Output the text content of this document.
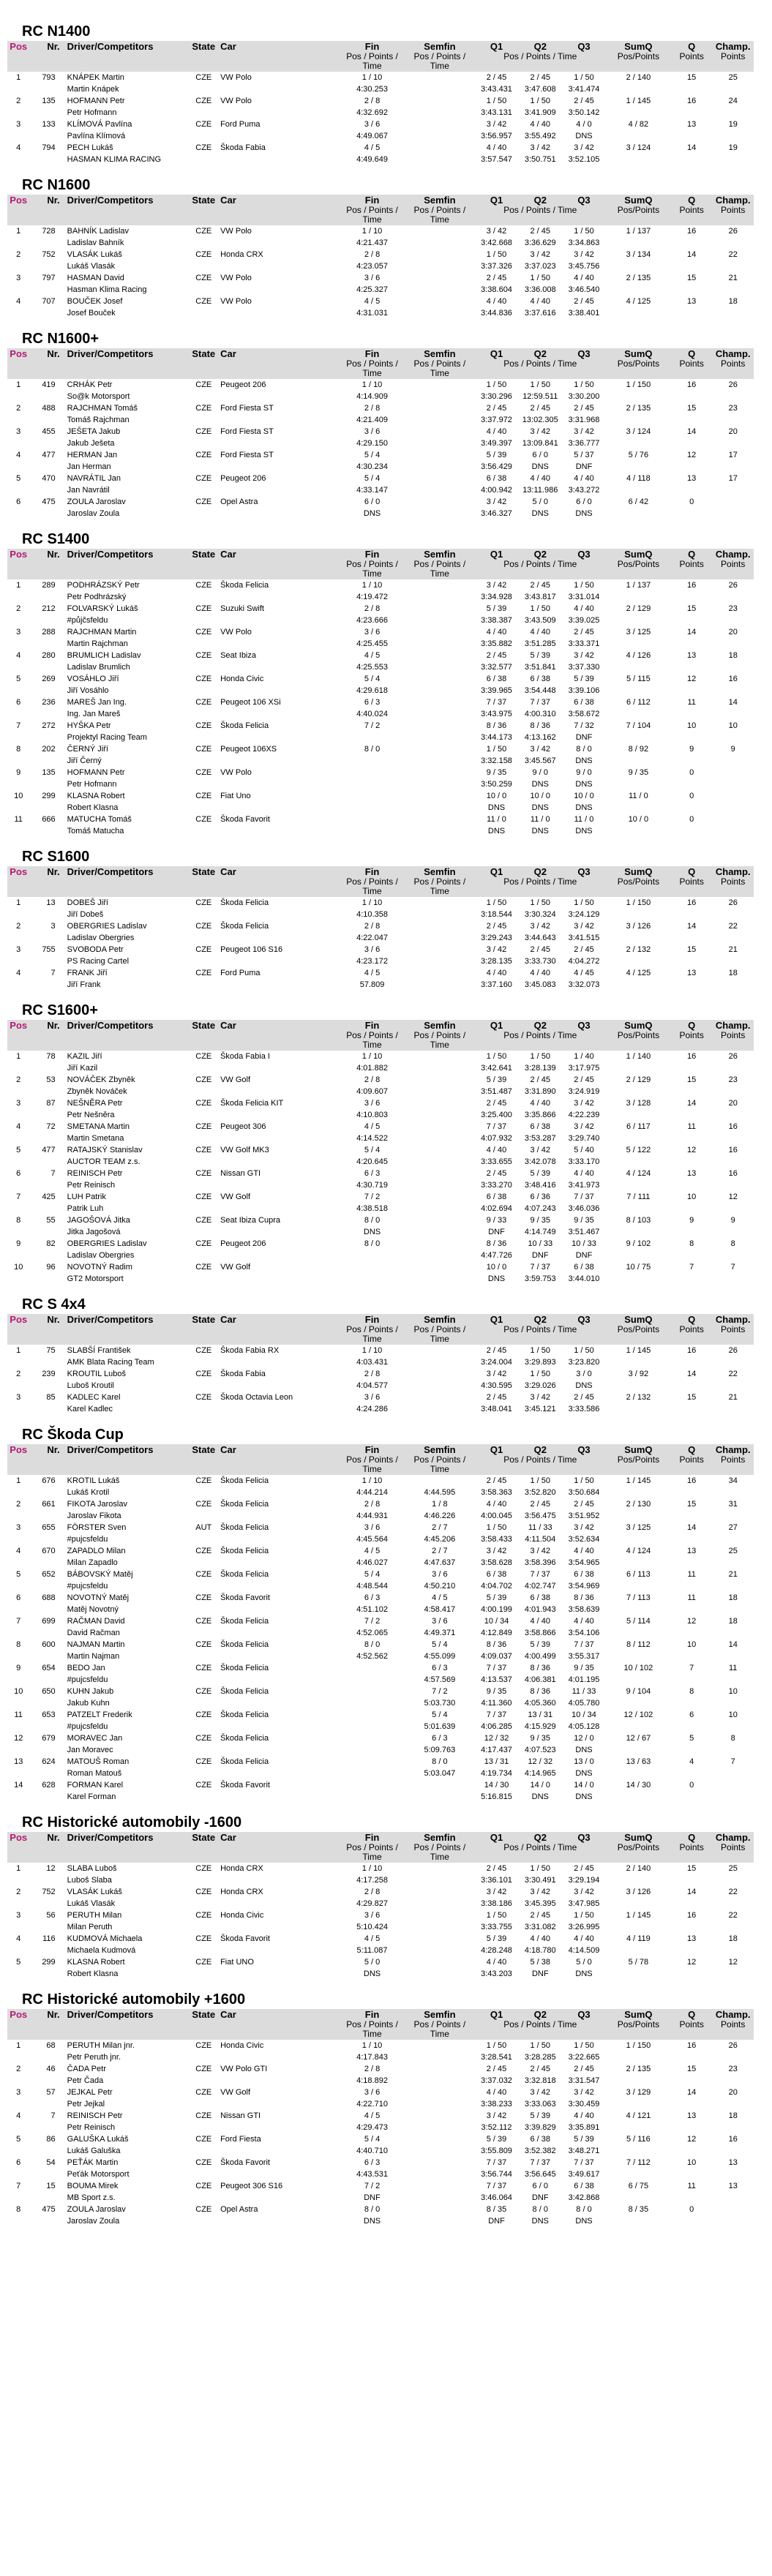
RC N1400
Pos	Nr.	Driver/Competitors	State	Car	Fin	Semfin	Q1	Q2	Q3	SumQ	Q	Champ.
					Pos / Points / Time	Pos / Points / Time	Pos / Points / Time			Pos/Points	Points	Points
1	793	KNÁPEK Martin	CZE	VW Polo	1 / 10		2 / 45	2 / 45	1 / 50	2 / 140	15	25
		Martin Knápek			4:30.253		3:43.431	3:47.608	3:41.474			
2	135	HOFMANN Petr	CZE	VW Polo	2 / 8		1 / 50	1 / 50	2 / 45	1 / 145	16	24
		Petr Hofmann			4:32.692		3:43.131	3:41.909	3:50.142			
3	133	KLÍMOVÁ Pavlína	CZE	Ford Puma	3 / 6		3 / 42	4 / 40	4 / 0	4 / 82	13	19
		Pavlína Klímová			4:49.067		3:56.957	3:55.492	DNS			
4	794	PECH Lukáš	CZE	Škoda Fabia	4 / 5		4 / 40	3 / 42	3 / 42	3 / 124	14	19
		HASMAN KLIMA RACING			4:49.649		3:57.547	3:50.751	3:52.105			
RC N1600
Pos	Nr.	Driver/Competitors	State	Car	Fin	Semfin	Q1	Q2	Q3	SumQ	Q	Champ.
					Pos / Points / Time	Pos / Points / Time	Pos / Points / Time			Pos/Points	Points	Points
1	728	BAHNÍK Ladislav	CZE	VW Polo	1 / 10		3 / 42	2 / 45	1 / 50	1 / 137	16	26
		Ladislav Bahník			4:21.437		3:42.668	3:36.629	3:34.863			
2	752	VLASÁK Lukáš	CZE	Honda CRX	2 / 8		1 / 50	3 / 42	3 / 42	3 / 134	14	22
		Lukáš Vlasák			4:23.057		3:37.326	3:37.023	3:45.756			
3	797	HASMAN David	CZE	VW Polo	3 / 6		2 / 45	1 / 50	4 / 40	2 / 135	15	21
		Hasman Klima Racing			4:25.327		3:38.604	3:36.008	3:46.540			
4	707	BOUČEK Josef	CZE	VW Polo	4 / 5		4 / 40	4 / 40	2 / 45	4 / 125	13	18
		Josef Bouček			4:31.031		3:44.836	3:37.616	3:38.401			
RC N1600+
Pos	Nr.	Driver/Competitors	State	Car	Fin	Semfin	Q1	Q2	Q3	SumQ	Q	Champ.
					Pos / Points / Time	Pos / Points / Time	Pos / Points / Time			Pos/Points	Points	Points
1	419	CRHÁK Petr	CZE	Peugeot 206	1 / 10		1 / 50	1 / 50	1 / 50	1 / 150	16	26
		So@k Motorsport			4:14.909		3:30.296	12:59.511	3:30.200			
2	488	RAJCHMAN Tomáš	CZE	Ford Fiesta ST	2 / 8		2 / 45	2 / 45	2 / 45	2 / 135	15	23
		Tomáš Rajchman			4:21.409		3:37.972	13:02.305	3:31.968			
3	455	JEŠETA Jakub	CZE	Ford Fiesta ST	3 / 6		4 / 40	3 / 42	3 / 42	3 / 124	14	20
		Jakub Ješeta			4:29.150		3:49.397	13:09.841	3:36.777			
4	477	HERMAN Jan	CZE	Ford Fiesta ST	5 / 4		5 / 39	6 / 0	5 / 37	5 / 76	12	17
		Jan Herman			4:30.234		3:56.429	DNS	DNF			
5	470	NAVRÁTIL Jan	CZE	Peugeot 206	5 / 4		6 / 38	4 / 40	4 / 40	4 / 118	13	17
		Jan Navrátil			4:33.147		4:00.942	13:11.986	3:43.272			
6	475	ZOULA Jaroslav	CZE	Opel Astra	6 / 0		3 / 42	5 / 0	6 / 0	6 / 42	0	
		Jaroslav Zoula			DNS		3:46.327	DNS	DNS			
RC S1400
Pos	Nr.	Driver/Competitors	State	Car	Fin	Semfin	Q1	Q2	Q3	SumQ	Q	Champ.
					Pos / Points / Time	Pos / Points / Time	Pos / Points / Time			Pos/Points	Points	Points
1	289	PODHRÁZSKÝ Petr	CZE	Škoda Felicia	1 / 10		3 / 42	2 / 45	1 / 50	1 / 137	16	26
		Petr Podhrázský			4:19.472		3:34.928	3:43.817	3:31.014			
2	212	FOLVARSKÝ Lukáš	CZE	Suzuki Swift	2 / 8		5 / 39	1 / 50	4 / 40	2 / 129	15	23
		#půjčsfeldu			4:23.666		3:38.387	3:43.509	3:39.025			
3	288	RAJCHMAN Martin	CZE	VW Polo	3 / 6		4 / 40	4 / 40	2 / 45	3 / 125	14	20
		Martin Rajchman			4:25.455		3:35.882	3:51.285	3:33.371			
4	280	BRUMLICH Ladislav	CZE	Seat Ibiza	4 / 5		2 / 45	5 / 39	3 / 42	4 / 126	13	18
		Ladislav Brumlich			4:25.553		3:32.577	3:51.841	3:37.330			
5	269	VOSÁHLO Jiří	CZE	Honda Civic	5 / 4		6 / 38	6 / 38	5 / 39	5 / 115	12	16
		Jiří Vosáhlo			4:29.618		3:39.965	3:54.448	3:39.106			
6	236	MAREŠ Jan Ing.	CZE	Peugeot 106 XSi	6 / 3		7 / 37	7 / 37	6 / 38	6 / 112	11	14
		Ing. Jan Mareš			4:40.024		3:43.975	4:00.310	3:58.672			
7	272	HYŠKA Petr	CZE	Škoda Felicia	7 / 2		8 / 36	8 / 36	7 / 32	7 / 104	10	10
		Projektyl Racing Team					3:44.173	4:13.162	DNF			
8	202	ČERNÝ Jiří	CZE	Peugeot 106XS	8 / 0		1 / 50	3 / 42	8 / 0	8 / 92	9	9
		Jiří Černý					3:32.158	3:45.567	DNS			
9	135	HOFMANN Petr	CZE	VW Polo			9 / 35	9 / 0	9 / 0	9 / 35	0	
		Petr Hofmann					3:50.259	DNS	DNS			
10	299	KLASNA Robert	CZE	Fiat Uno			10 / 0	10 / 0	10 / 0	11 / 0	0	
		Robert Klasna					DNS	DNS	DNS			
11	666	MATUCHA Tomáš	CZE	Škoda Favorit			11 / 0	11 / 0	11 / 0	10 / 0	0	
		Tomáš Matucha					DNS	DNS	DNS			
RC S1600
Pos	Nr.	Driver/Competitors	State	Car	Fin	Semfin	Q1	Q2	Q3	SumQ	Q	Champ.
					Pos / Points / Time	Pos / Points / Time	Pos / Points / Time			Pos/Points	Points	Points
1	13	DOBEŠ Jiří	CZE	Škoda Felicia	1 / 10		1 / 50	1 / 50	1 / 50	1 / 150	16	26
		Jiří Dobeš			4:10.358		3:18.544	3:30.324	3:24.129			
2	3	OBERGRIES Ladislav	CZE	Škoda Felicia	2 / 8		2 / 45	3 / 42	3 / 42	3 / 126	14	22
		Ladislav Obergries			4:22.047		3:29.243	3:44.643	3:41.515			
3	755	SVOBODA Petr	CZE	Peugeot 106 S16	3 / 6		3 / 42	2 / 45	2 / 45	2 / 132	15	21
		PS Racing Cartel			4:23.172		3:28.135	3:33.730	4:04.272			
4	7	FRANK Jiří	CZE	Ford Puma	4 / 5		4 / 40	4 / 40	4 / 45	4 / 125	13	18
		Jiří Frank			57.809		3:37.160	3:45.083	3:32.073			
RC S1600+
Pos	Nr.	Driver/Competitors	State	Car	Fin	Semfin	Q1	Q2	Q3	SumQ	Q	Champ.
					Pos / Points / Time	Pos / Points / Time	Pos / Points / Time			Pos/Points	Points	Points
1	78	KAZIL Jiří	CZE	Škoda Fabia I	1 / 10		1 / 50	1 / 50	1 / 40	1 / 140	16	26
		Jiří Kazil			4:01.882		3:42.641	3:28.139	3:17.975			
2	53	NOVÁČEK Zbyněk	CZE	VW Golf	2 / 8		5 / 39	2 / 45	2 / 45	2 / 129	15	23
		Zbyněk Nováček			4:09.607		3:51.487	3:31.890	3:24.919			
3	87	NEŠNĚRA Petr	CZE	Škoda Felicia KIT	3 / 6		2 / 45	4 / 40	3 / 42	3 / 128	14	20
		Petr Nešněra			4:10.803		3:25.400	3:35.866	4:22.239			
4	72	SMETANA Martin	CZE	Peugeot 306	4 / 5		7 / 37	6 / 38	3 / 42	6 / 117	11	16
		Martin Smetana			4:14.522		4:07.932	3:53.287	3:29.740			
5	477	RATAJSKÝ Stanislav	CZE	VW Golf MK3	5 / 4		4 / 40	3 / 42	5 / 40	5 / 122	12	16
		AUCTOR TEAM z.s.			4:20.645		3:33.655	3:42.078	3:33.170			
6	7	REINISCH Petr	CZE	Nissan GTI	6 / 3		2 / 45	5 / 39	4 / 40	4 / 124	13	16
		Petr Reinisch			4:30.719		3:33.270	3:48.416	3:41.973			
7	425	LUH Patrik	CZE	VW Golf	7 / 2		6 / 38	6 / 36	7 / 37	7 / 111	10	12
		Patrik Luh			4:38.518		4:02.694	4:07.243	3:46.036			
8	55	JAGOŠOVÁ Jitka	CZE	Seat Ibiza Cupra	8 / 0		9 / 33	9 / 35	9 / 35	8 / 103	9	9
		Jitka Jagošová			DNS		DNF	4:14.749	3:51.467			
9	82	OBERGRIES Ladislav	CZE	Peugeot 206	8 / 0		8 / 36	10 / 33	10 / 33	9 / 102	8	8
		Ladislav Obergries					4:47.726	DNF	DNF			
10	96	NOVOTNÝ Radim	CZE	VW Golf			10 / 0	7 / 37	6 / 38	10 / 75	7	7
		GT2 Motorsport					DNS	3:59.753	3:44.010			
RC S 4x4
Pos	Nr.	Driver/Competitors	State	Car	Fin	Semfin	Q1	Q2	Q3	SumQ	Q	Champ.
					Pos / Points / Time	Pos / Points / Time	Pos / Points / Time			Pos/Points	Points	Points
1	75	SLABŠÍ František	CZE	Škoda Fabia RX	1 / 10		2 / 45	1 / 50	1 / 50	1 / 145	16	26
		AMK Blata Racing Team			4:03.431		3:24.004	3:29.893	3:23.820			
2	239	KROUTIL Luboš	CZE	Škoda Fabia	2 / 8		3 / 42	1 / 50	3 / 0	3 / 92	14	22
		Luboš Kroutil			4:04.577		4:30.595	3:29.026	DNS			
3	85	KADLEC Karel	CZE	Škoda Octavia Leon	3 / 6		2 / 45	3 / 42	2 / 45	2 / 132	15	21
		Karel Kadlec			4:24.286		3:48.041	3:45.121	3:33.586			
RC Škoda Cup
Pos	Nr.	Driver/Competitors	State	Car	Fin	Semfin	Q1	Q2	Q3	SumQ	Q	Champ.
					Pos / Points / Time	Pos / Points / Time	Pos / Points / Time			Pos/Points	Points	Points
1	676	KROTIL Lukáš	CZE	Škoda Felicia	1 / 10		2 / 45	1 / 50	1 / 50	1 / 145	16	34
		Lukáš Krotil			4:44.214	4:44.595	3:58.363	3:52.820	3:50.684			
2	661	FIKOTA Jaroslav	CZE	Škoda Felicia	2 / 8	1 / 8	4 / 40	2 / 45	2 / 45	2 / 130	15	31
		Jaroslav Fikota			4:44.931	4:46.226	4:00.045	3:56.475	3:51.952			
3	655	FÖRSTER Sven	AUT	Škoda Felicia	3 / 6	2 / 7	1 / 50	11 / 33	3 / 42	3 / 125	14	27
		#pujcsfeldu			4:45.564	4:45.206	3:58.433	4:11.504	3:52.634			
4	670	ZAPADLO Milan	CZE	Škoda Felicia	4 / 5	2 / 7	3 / 42	3 / 42	4 / 40	4 / 124	13	25
		Milan Zapadlo			4:46.027	4:47.637	3:58.628	3:58.396	3:54.965			
5	652	BÁBOVSKÝ Matěj	CZE	Škoda Felicia	5 / 4	3 / 6	6 / 38	7 / 37	6 / 38	6 / 113	11	21
		#pujcsfeldu			4:48.544	4:50.210	4:04.702	4:02.747	3:54.969			
6	688	NOVOTNÝ Matěj	CZE	Škoda Favorit	6 / 3	4 / 5	5 / 39	6 / 38	8 / 36	7 / 113	11	18
		Matěj Novotný			4:51.102	4:58.417	4:00.199	4:01.943	3:58.639			
7	699	RAČMAN David	CZE	Škoda Felicia	7 / 2	3 / 6	10 / 34	4 / 40	4 / 40	5 / 114	12	18
		David Račman			4:52.065	4:49.371	4:12.849	3:58.866	3:54.106			
8	600	NAJMAN Martin	CZE	Škoda Felicia	8 / 0	5 / 4	8 / 36	5 / 39	7 / 37	8 / 112	10	14
		Martin Najman			4:52.562	4:55.099	4:09.037	4:00.499	3:55.317			
9	654	BEDO Jan	CZE	Škoda Felicia		6 / 3	7 / 37	8 / 36	9 / 35	10 / 102	7	11
		#pujcsfeldu				4:57.569	4:13.537	4:06.381	4:01.195			
10	650	KUHN Jakub	CZE	Škoda Felicia		7 / 2	9 / 35	8 / 36	11 / 33	9 / 104	8	10
		Jakub Kuhn				5:03.730	4:11.360	4:05.360	4:05.780			
11	653	PATZELT Frederik	CZE	Škoda Felicia		5 / 4	7 / 37	13 / 31	10 / 34	12 / 102	6	10
		#pujcsfeldu				5:01.639	4:06.285	4:15.929	4:05.128			
12	679	MORAVEC Jan	CZE	Škoda Felicia		6 / 3	12 / 32	9 / 35	12 / 0	12 / 67	5	8
		Jan Moravec				5:09.763	4:17.437	4:07.523	DNS			
13	624	MATOUŠ Roman	CZE	Škoda Felicia		8 / 0	13 / 31	12 / 32	13 / 0	13 / 63	4	7
		Roman Matouš				5:03.047	4:19.734	4:14.965	DNS			
14	628	FORMAN Karel	CZE	Škoda Favorit			14 / 30	14 / 0	14 / 0	14 / 30	0	
		Karel Forman					5:16.815	DNS	DNS			
RC Historické automobily -1600
Pos	Nr.	Driver/Competitors	State	Car	Fin	Semfin	Q1	Q2	Q3	SumQ	Q	Champ.
					Pos / Points / Time	Pos / Points / Time	Pos / Points / Time			Pos/Points	Points	Points
1	12	SLABA Luboš	CZE	Honda CRX	1 / 10		2 / 45	1 / 50	2 / 45	2 / 140	15	25
		Luboš Slaba			4:17.258		3:36.101	3:30.491	3:29.194			
2	752	VLASÁK Lukáš	CZE	Honda CRX	2 / 8		3 / 42	3 / 42	3 / 42	3 / 126	14	22
		Lukáš Vlasák			4:29.827		3:38.186	3:45.395	3:47.985			
3	56	PERUTH Milan	CZE	Honda Civic	3 / 6		1 / 50	2 / 45	1 / 50	1 / 145	16	22
		Milan Peruth			5:10.424		3:33.755	3:31.082	3:26.995			
4	116	KUDMOVÁ Michaela	CZE	Škoda Favorit	4 / 5		5 / 39	4 / 40	4 / 40	4 / 119	13	18
		Michaela Kudmová			5:11.087		4:28.248	4:18.780	4:14.509			
5	299	KLASNA Robert	CZE	Fiat UNO	5 / 0		4 / 40	5 / 38	5 / 0	5 / 78	12	12
		Robert Klasna			DNS		3:43.203	DNF	DNS			
RC Historické automobily +1600
Pos	Nr.	Driver/Competitors	State	Car	Fin	Semfin	Q1	Q2	Q3	SumQ	Q	Champ.
					Pos / Points / Time	Pos / Points / Time	Pos / Points / Time			Pos/Points	Points	Points
1	68	PERUTH Milan jnr.	CZE	Honda Civic	1 / 10		1 / 50	1 / 50	1 / 50	1 / 150	16	26
		Petr Peruth jnr.			4:17.843		3:28.541	3:28.285	3:22.665			
2	46	ČADA Petr	CZE	VW Polo GTI	2 / 8		2 / 45	2 / 45	2 / 45	2 / 135	15	23
		Petr Čada			4:18.892		3:37.032	3:32.818	3:31.547			
3	57	JEJKAL Petr	CZE	VW Golf	3 / 6		4 / 40	3 / 42	3 / 42	3 / 129	14	20
		Petr Jejkal			4:22.710		3:38.233	3:33.063	3:30.459			
4	7	REINISCH Petr	CZE	Nissan GTI	4 / 5		3 / 42	5 / 39	4 / 40	4 / 121	13	18
		Petr Reinisch			4:29.473		3:52.112	3:39.829	3:35.891			
5	86	GALUŠKA Lukáš	CZE	Ford Fiesta	5 / 4		5 / 39	6 / 38	5 / 39	5 / 116	12	16
		Lukáš Galuška			4:40.710		3:55.809	3:52.382	3:48.271			
6	54	PEŤÁK Martin	CZE	Škoda Favorit	6 / 3		7 / 37	7 / 37	7 / 37	7 / 112	10	13
		Peťák Motorsport			4:43.531		3:56.744	3:56.645	3:49.617			
7	15	BOUMA Mirek	CZE	Peugeot 306 S16	7 / 2		7 / 37	6 / 0	6 / 38	6 / 75	11	13
		MB Sport z.s.			DNF		3:46.064	DNF	3:42.868			
8	475	ZOULA Jaroslav	CZE	Opel Astra	8 / 0		8 / 35	8 / 0	8 / 0	8 / 35	0	
		Jaroslav Zoula			DNS		DNF	DNS	DNS			
